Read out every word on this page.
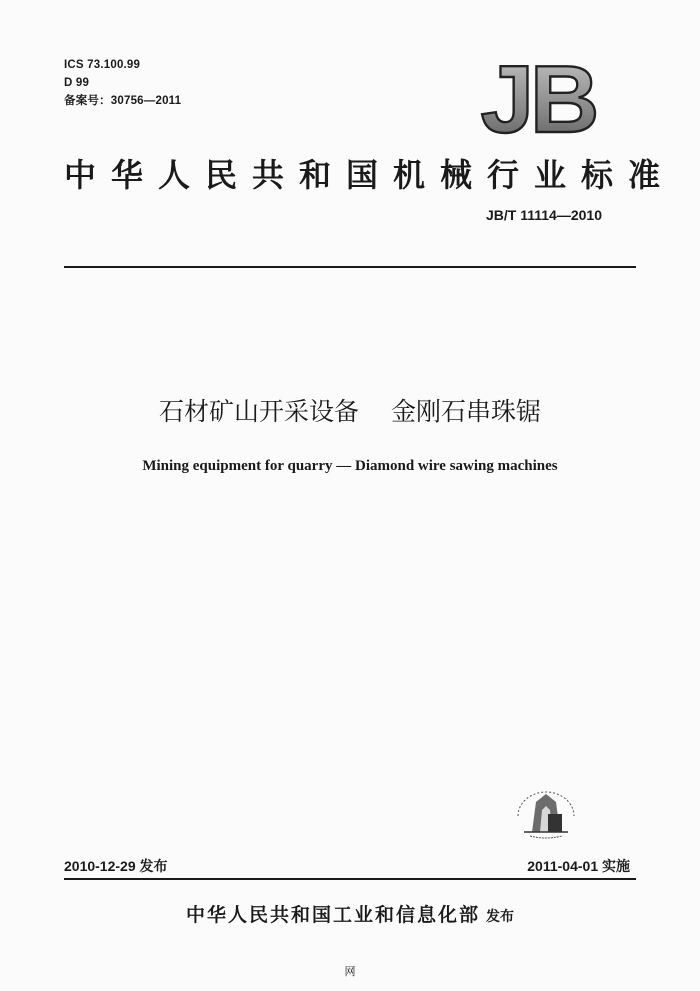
ICS 73.100.99
D 99
备案号：30756—2011	JB
中华人民共和国机械行业标准
JB/T 11114—2010
石材矿山开采设备 金刚石串珠锯
Mining equipment for quarry — Diamond wire sawing machines
2010-12-29 发布	2011-04-01 实施
中华人民共和国工业和信息化部 发布
网
